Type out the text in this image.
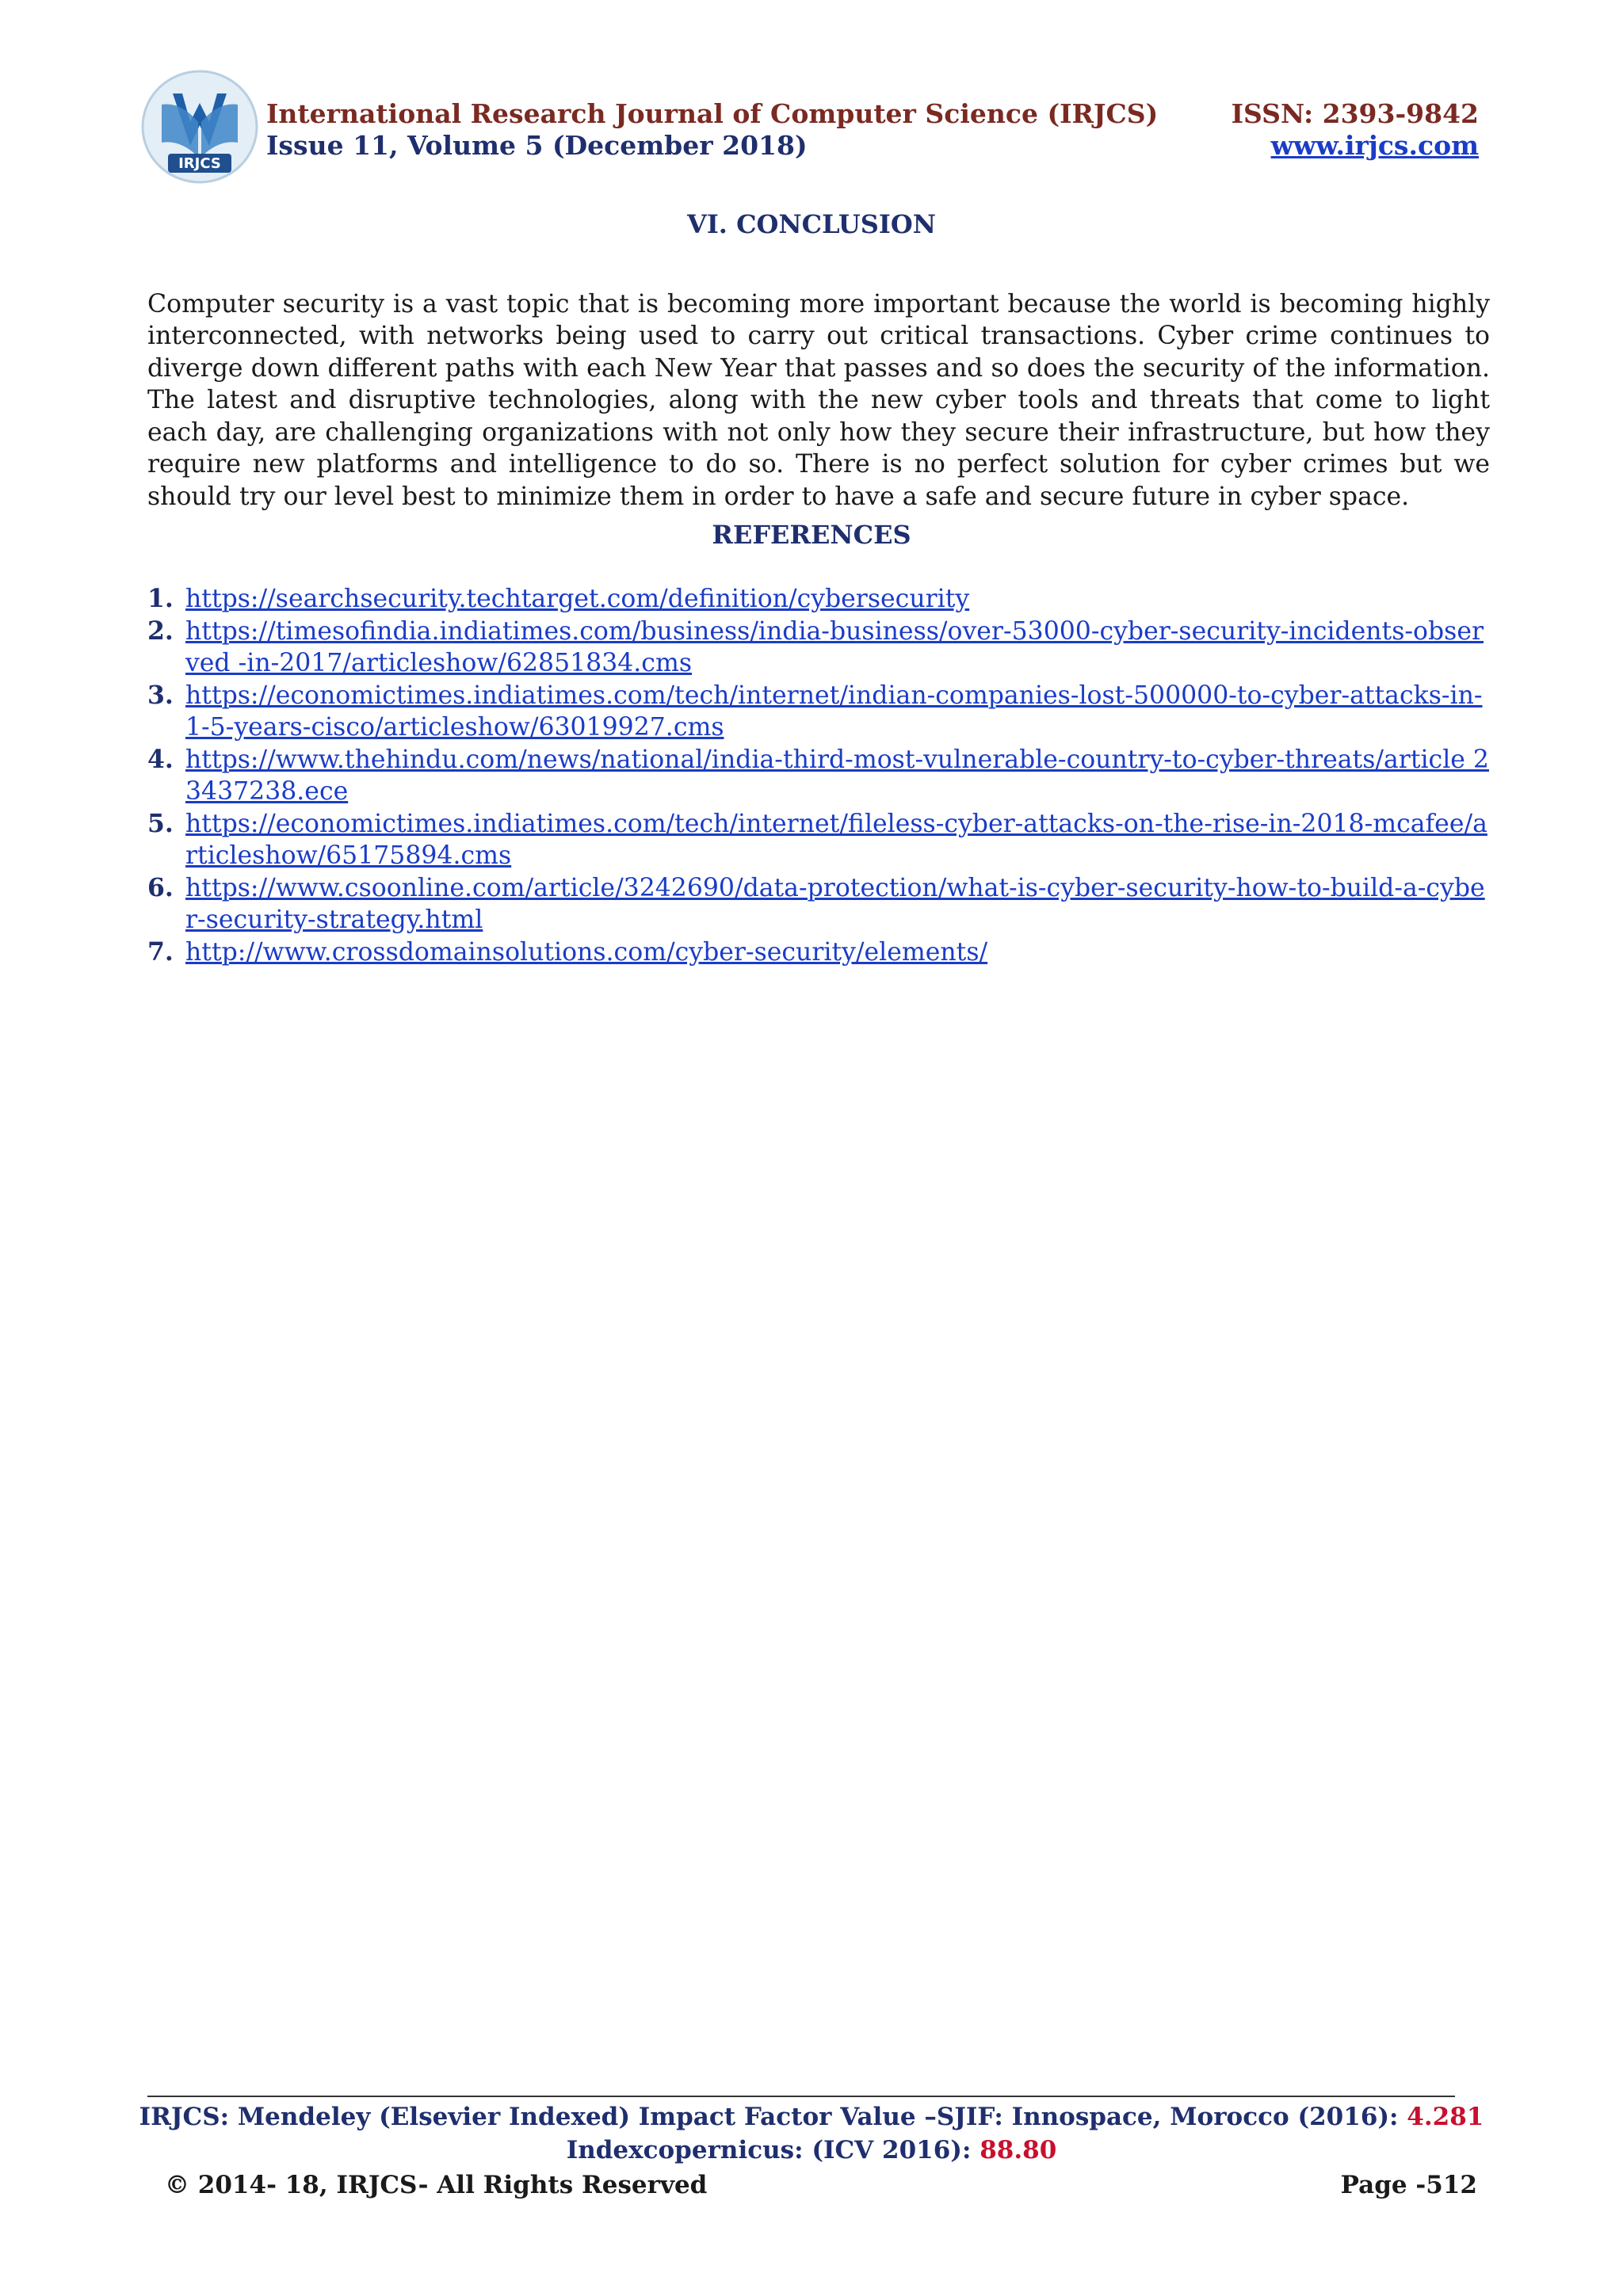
IRJCS
International Research Journal of Computer Science (IRJCS)
Issue 11, Volume 5 (December 2018)
ISSN: 2393-9842
www.irjcs.com
VI. CONCLUSION

Computer security is a vast topic that is becoming more important because the world is becoming highly interconnected, with networks being used to carry out critical transactions. Cyber crime continues to diverge down different paths with each New Year that passes and so does the security of the information. The latest and disruptive technologies, along with the new cyber tools and threats that come to light each day, are challenging organizations with not only how they secure their infrastructure, but how they require new platforms and intelligence to do so. There is no perfect solution for cyber crimes but we should try our level best to minimize them in order to have a safe and secure future in cyber space.

REFERENCES
1. https://searchsecurity.techtarget.com/definition/cybersecurity
2. https://timesofindia.indiatimes.com/business/india-business/over-53000-cyber-security-incidents-observed -in-2017/articleshow/62851834.cms
3. https://economictimes.indiatimes.com/tech/internet/indian-companies-lost-500000-to-cyber-attacks-in-1-5-years-cisco/articleshow/63019927.cms
4. https://www.thehindu.com/news/national/india-third-most-vulnerable-country-to-cyber-threats/article 23437238.ece
5. https://economictimes.indiatimes.com/tech/internet/fileless-cyber-attacks-on-the-rise-in-2018-mcafee/articleshow/65175894.cms
6. https://www.csoonline.com/article/3242690/data-protection/what-is-cyber-security-how-to-build-a-cyber-security-strategy.html
7. http://www.crossdomainsolutions.com/cyber-security/elements/
IRJCS: Mendeley (Elsevier Indexed) Impact Factor Value –SJIF: Innospace, Morocco (2016): 4.281
Indexcopernicus: (ICV 2016): 88.80
© 2014- 18, IRJCS- All Rights Reserved	Page -512
